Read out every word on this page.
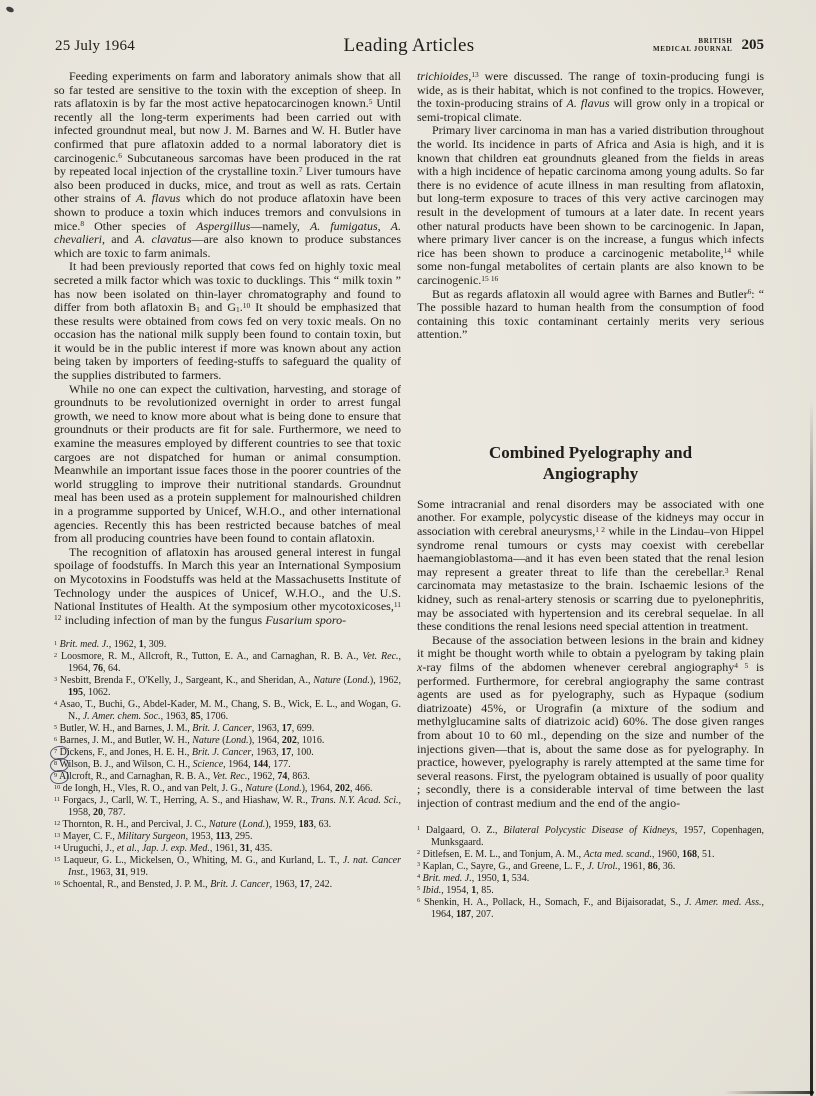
25 July 1964	Leading Articles	BRITISH
MEDICAL JOURNAL 205

Feeding experiments on farm and laboratory animals show that all so far tested are sensitive to the toxin with the exception of sheep. In rats aflatoxin is by far the most active hepatocarcinogen known.$^5$ Until recently all the long-term experiments had been carried out with infected groundnut meal, but now J. M. Barnes and W. H. Butler have confirmed that pure aflatoxin added to a normal laboratory diet is carcinogenic.$^6$ Subcutaneous sarcomas have been produced in the rat by repeated local injection of the crystalline toxin.$^7$ Liver tumours have also been produced in ducks, mice, and trout as well as rats. Certain other strains of A. flavus which do not produce aflatoxin have been shown to produce a toxin which induces tremors and convulsions in mice.$^8$ Other species of Aspergillus—namely, A. fumigatus, A. chevalieri, and A. clavatus—are also known to produce substances which are toxic to farm animals.

It had been previously reported that cows fed on highly toxic meal secreted a milk factor which was toxic to ducklings. This “ milk toxin ” has now been isolated on thin-layer chromatography and found to differ from both aflatoxin $B_1$ and $G_1.^{10}$ It should be emphasized that these results were obtained from cows fed on very toxic meals. On no occasion has the national milk supply been found to contain toxin, but it would be in the public interest if more was known about any action being taken by importers of feeding-stuffs to safeguard the quality of the supplies distributed to farmers.

While no one can expect the cultivation, harvesting, and storage of groundnuts to be revolutionized overnight in order to arrest fungal growth, we need to know more about what is being done to ensure that groundnuts or their products are fit for sale. Furthermore, we need to examine the measures employed by different countries to see that toxic cargoes are not dispatched for human or animal consumption. Meanwhile an important issue faces those in the poorer countries of the world struggling to improve their nutritional standards. Groundnut meal has been used as a protein supplement for malnourished children in a programme supported by Unicef, W.H.O., and other international agencies. Recently this has been restricted because batches of meal from all producing countries have been found to contain aflatoxin.

The recognition of aflatoxin has aroused general interest in fungal spoilage of foodstuffs. In March this year an International Symposium on Mycotoxins in Foodstuffs was held at the Massachusetts Institute of Technology under the auspices of Unicef, W.H.O., and the U.S. National Institutes of Health. At the symposium other mycotoxicoses,$^{11 12}$ including infection of man by the fungus Fusarium sporo-

$^1$ Brit. med. J., 1962, 1, 309.
$^2$ Loosmore, R. M., Allcroft, R., Tutton, E. A., and Carnaghan, R. B. A., Vet. Rec., 1964, 76, 64.
$^3$ Nesbitt, Brenda F., O'Kelly, J., Sargeant, K., and Sheridan, A., Nature (Lond.), 1962, 195, 1062.
$^4$ Asao, T., Buchi, G., Abdel-Kader, M. M., Chang, S. B., Wick, E. L., and Wogan, G. N., J. Amer. chem. Soc., 1963, 85, 1706.
$^5$ Butler, W. H., and Barnes, J. M., Brit. J. Cancer, 1963, 17, 699.
$^6$ Barnes, J. M., and Butler, W. H., Nature (Lond.), 1964, 202, 1016.
$^7$ Dickens, F., and Jones, H. E. H., Brit. J. Cancer, 1963, 17, 100.
$^8$ Wilson, B. J., and Wilson, C. H., Science, 1964, 144, 177.
$^9$ Allcroft, R., and Carnaghan, R. B. A., Vet. Rec., 1962, 74, 863.
$^{10}$ de Iongh, H., Vles, R. O., and van Pelt, J. G., Nature (Lond.), 1964, 202, 466.
$^{11}$ Forgacs, J., Carll, W. T., Herring, A. S., and Hiashaw, W. R., Trans. N.Y. Acad. Sci., 1958, 20, 787.
$^{12}$ Thornton, R. H., and Percival, J. C., Nature (Lond.), 1959, 183, 63.
$^{13}$ Mayer, C. F., Military Surgeon, 1953, 113, 295.
$^{14}$ Uruguchi, J., et al., Jap. J. exp. Med., 1961, 31, 435.
$^{15}$ Laqueur, G. L., Mickelsen, O., Whiting, M. G., and Kurland, L. T., J. nat. Cancer Inst., 1963, 31, 919.
$^{16}$ Schoental, R., and Bensted, J. P. M., Brit. J. Cancer, 1963, 17, 242.

trichioides,$^{13}$ were discussed. The range of toxin-producing fungi is wide, as is their habitat, which is not confined to the tropics. However, the toxin-producing strains of A. flavus will grow only in a tropical or semi-tropical climate.

Primary liver carcinoma in man has a varied distribution throughout the world. Its incidence in parts of Africa and Asia is high, and it is known that children eat groundnuts gleaned from the fields in areas with a high incidence of hepatic carcinoma among young adults. So far there is no evidence of acute illness in man resulting from aflatoxin, but long-term exposure to traces of this very active carcinogen may result in the development of tumours at a later date. In recent years other natural products have been shown to be carcinogenic. In Japan, where primary liver cancer is on the increase, a fungus which infects rice has been shown to produce a carcinogenic metabolite,$^{14}$ while some non-fungal metabolites of certain plants are also known to be carcinogenic.$^{15 16}$

But as regards aflatoxin all would agree with Barnes and Butler$^6$: “ The possible hazard to human health from the consumption of food containing this toxic contaminant certainly merits very serious attention.”

Combined Pyelography and Angiography

Some intracranial and renal disorders may be associated with one another. For example, polycystic disease of the kidneys may occur in association with cerebral aneurysms,$^{1 2}$ while in the Lindau–von Hippel syndrome renal tumours or cysts may coexist with cerebellar haemangioblastoma—and it has even been stated that the renal lesion may represent a greater threat to life than the cerebellar.$^3$ Renal carcinomata may metastasize to the brain. Ischaemic lesions of the kidney, such as renal-artery stenosis or scarring due to pyelonephritis, may be associated with hypertension and its cerebral sequelae. In all these conditions the renal lesions need special attention in treatment.

Because of the association between lesions in the brain and kidney it might be thought worth while to obtain a pyelogram by taking plain x-ray films of the abdomen whenever cerebral angiography$^{4 5}$ is performed. Furthermore, for cerebral angiography the same contrast agents are used as for pyelography, such as Hypaque (sodium diatrizoate) 45%, or Urografin (a mixture of the sodium and methylglucamine salts of diatrizoic acid) 60%. The dose given ranges from about 10 to 60 ml., depending on the size and number of the injections given—that is, about the same dose as for pyelography. In practice, however, pyelography is rarely attempted at the same time for several reasons. First, the pyelogram obtained is usually of poor quality ; secondly, there is a considerable interval of time between the last injection of contrast medium and the end of the angio-

$^1$ Dalgaard, O. Z., Bilateral Polycystic Disease of Kidneys, 1957, Copenhagen, Munksgaard.
$^2$ Ditlefsen, E. M. L., and Tonjum, A. M., Acta med. scand., 1960, 168, 51.
$^3$ Kaplan, C., Sayre, G., and Greene, L. F., J. Urol., 1961, 86, 36.
$^4$ Brit. med. J., 1950, 1, 534.
$^5$ Ibid., 1954, 1, 85.
$^6$ Shenkin, H. A., Pollack, H., Somach, F., and Bijaisoradat, S., J. Amer. med. Ass., 1964, 187, 207.
